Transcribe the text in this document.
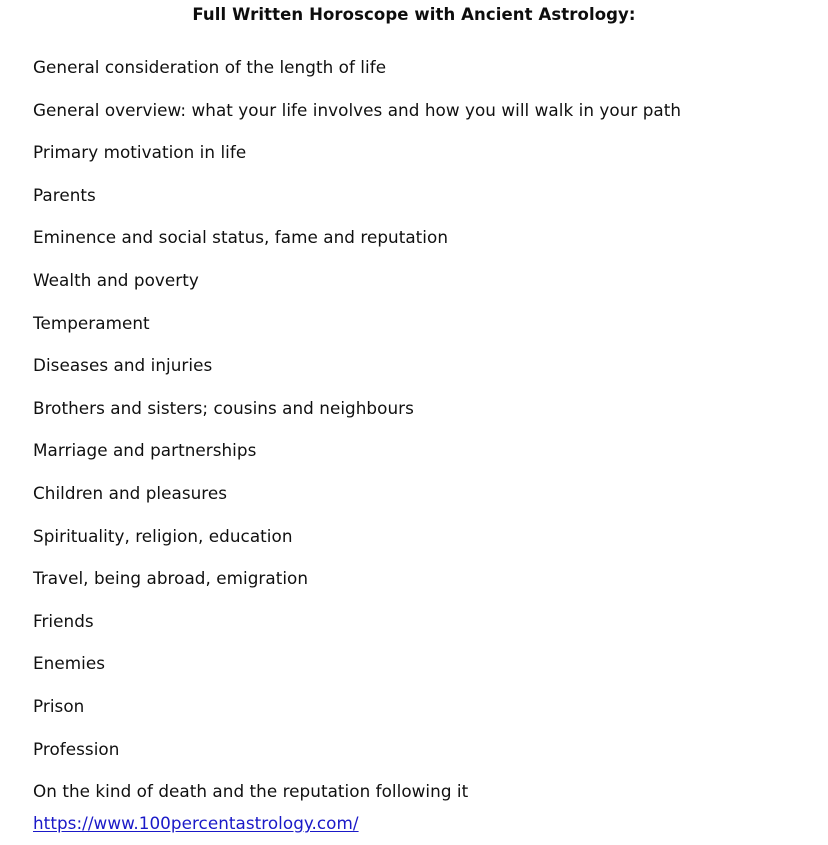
Full Written Horoscope with Ancient Astrology:
General consideration of the length of life
General overview: what your life involves and how you will walk in your path
Primary motivation in life
Parents
Eminence and social status, fame and reputation
Wealth and poverty
Temperament
Diseases and injuries
Brothers and sisters; cousins and neighbours
Marriage and partnerships
Children and pleasures
Spirituality, religion, education
Travel, being abroad, emigration
Friends
Enemies
Prison
Profession
On the kind of death and the reputation following it
https://www.100percentastrology.com/
